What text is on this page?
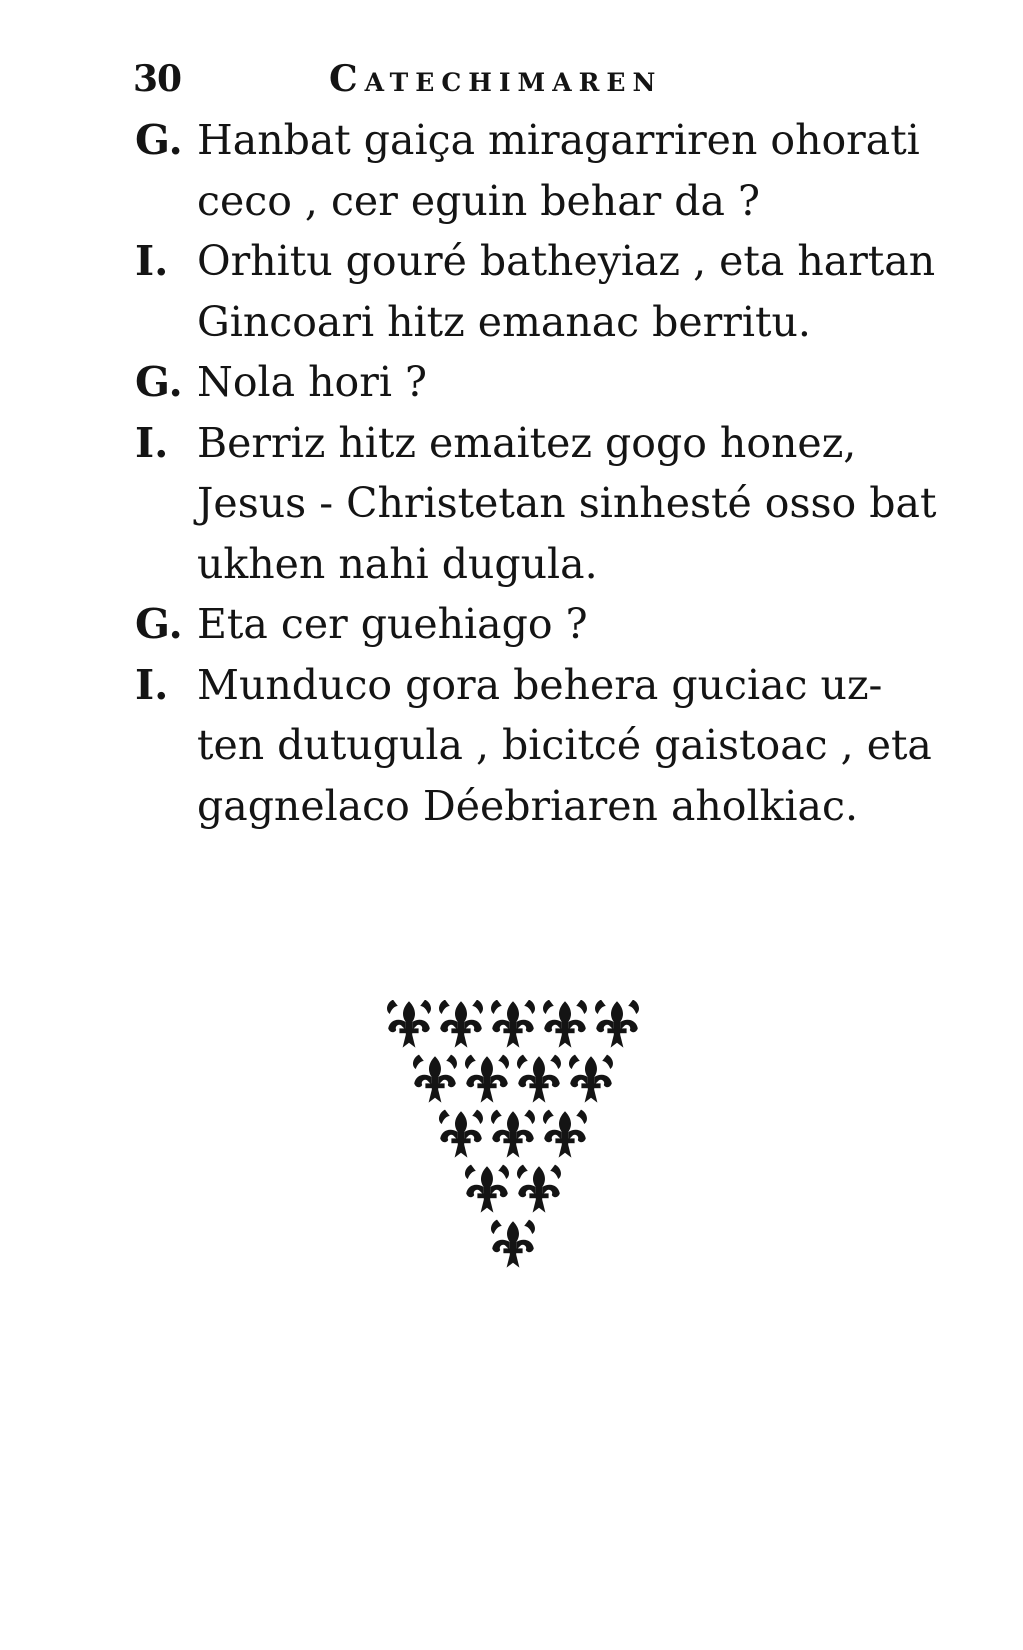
30	Catechimaren
G. Hanbat gaiça miragarriren ohorati
ceco , cer eguin behar da ?
I. Orhitu gouré batheyiaz , eta hartan
Gincoari hitz emanac berritu.
G. Nola hori ?
I. Berriz hitz emaitez gogo honez,
Jesus - Christetan sinhesté osso bat
ukhen nahi dugula.
G. Eta cer guehiago ?
I. Munduco gora behera guciac uz-
ten dutugula , bicitcé gaistoac , eta
gagnelaco Déebriaren aholkiac.
